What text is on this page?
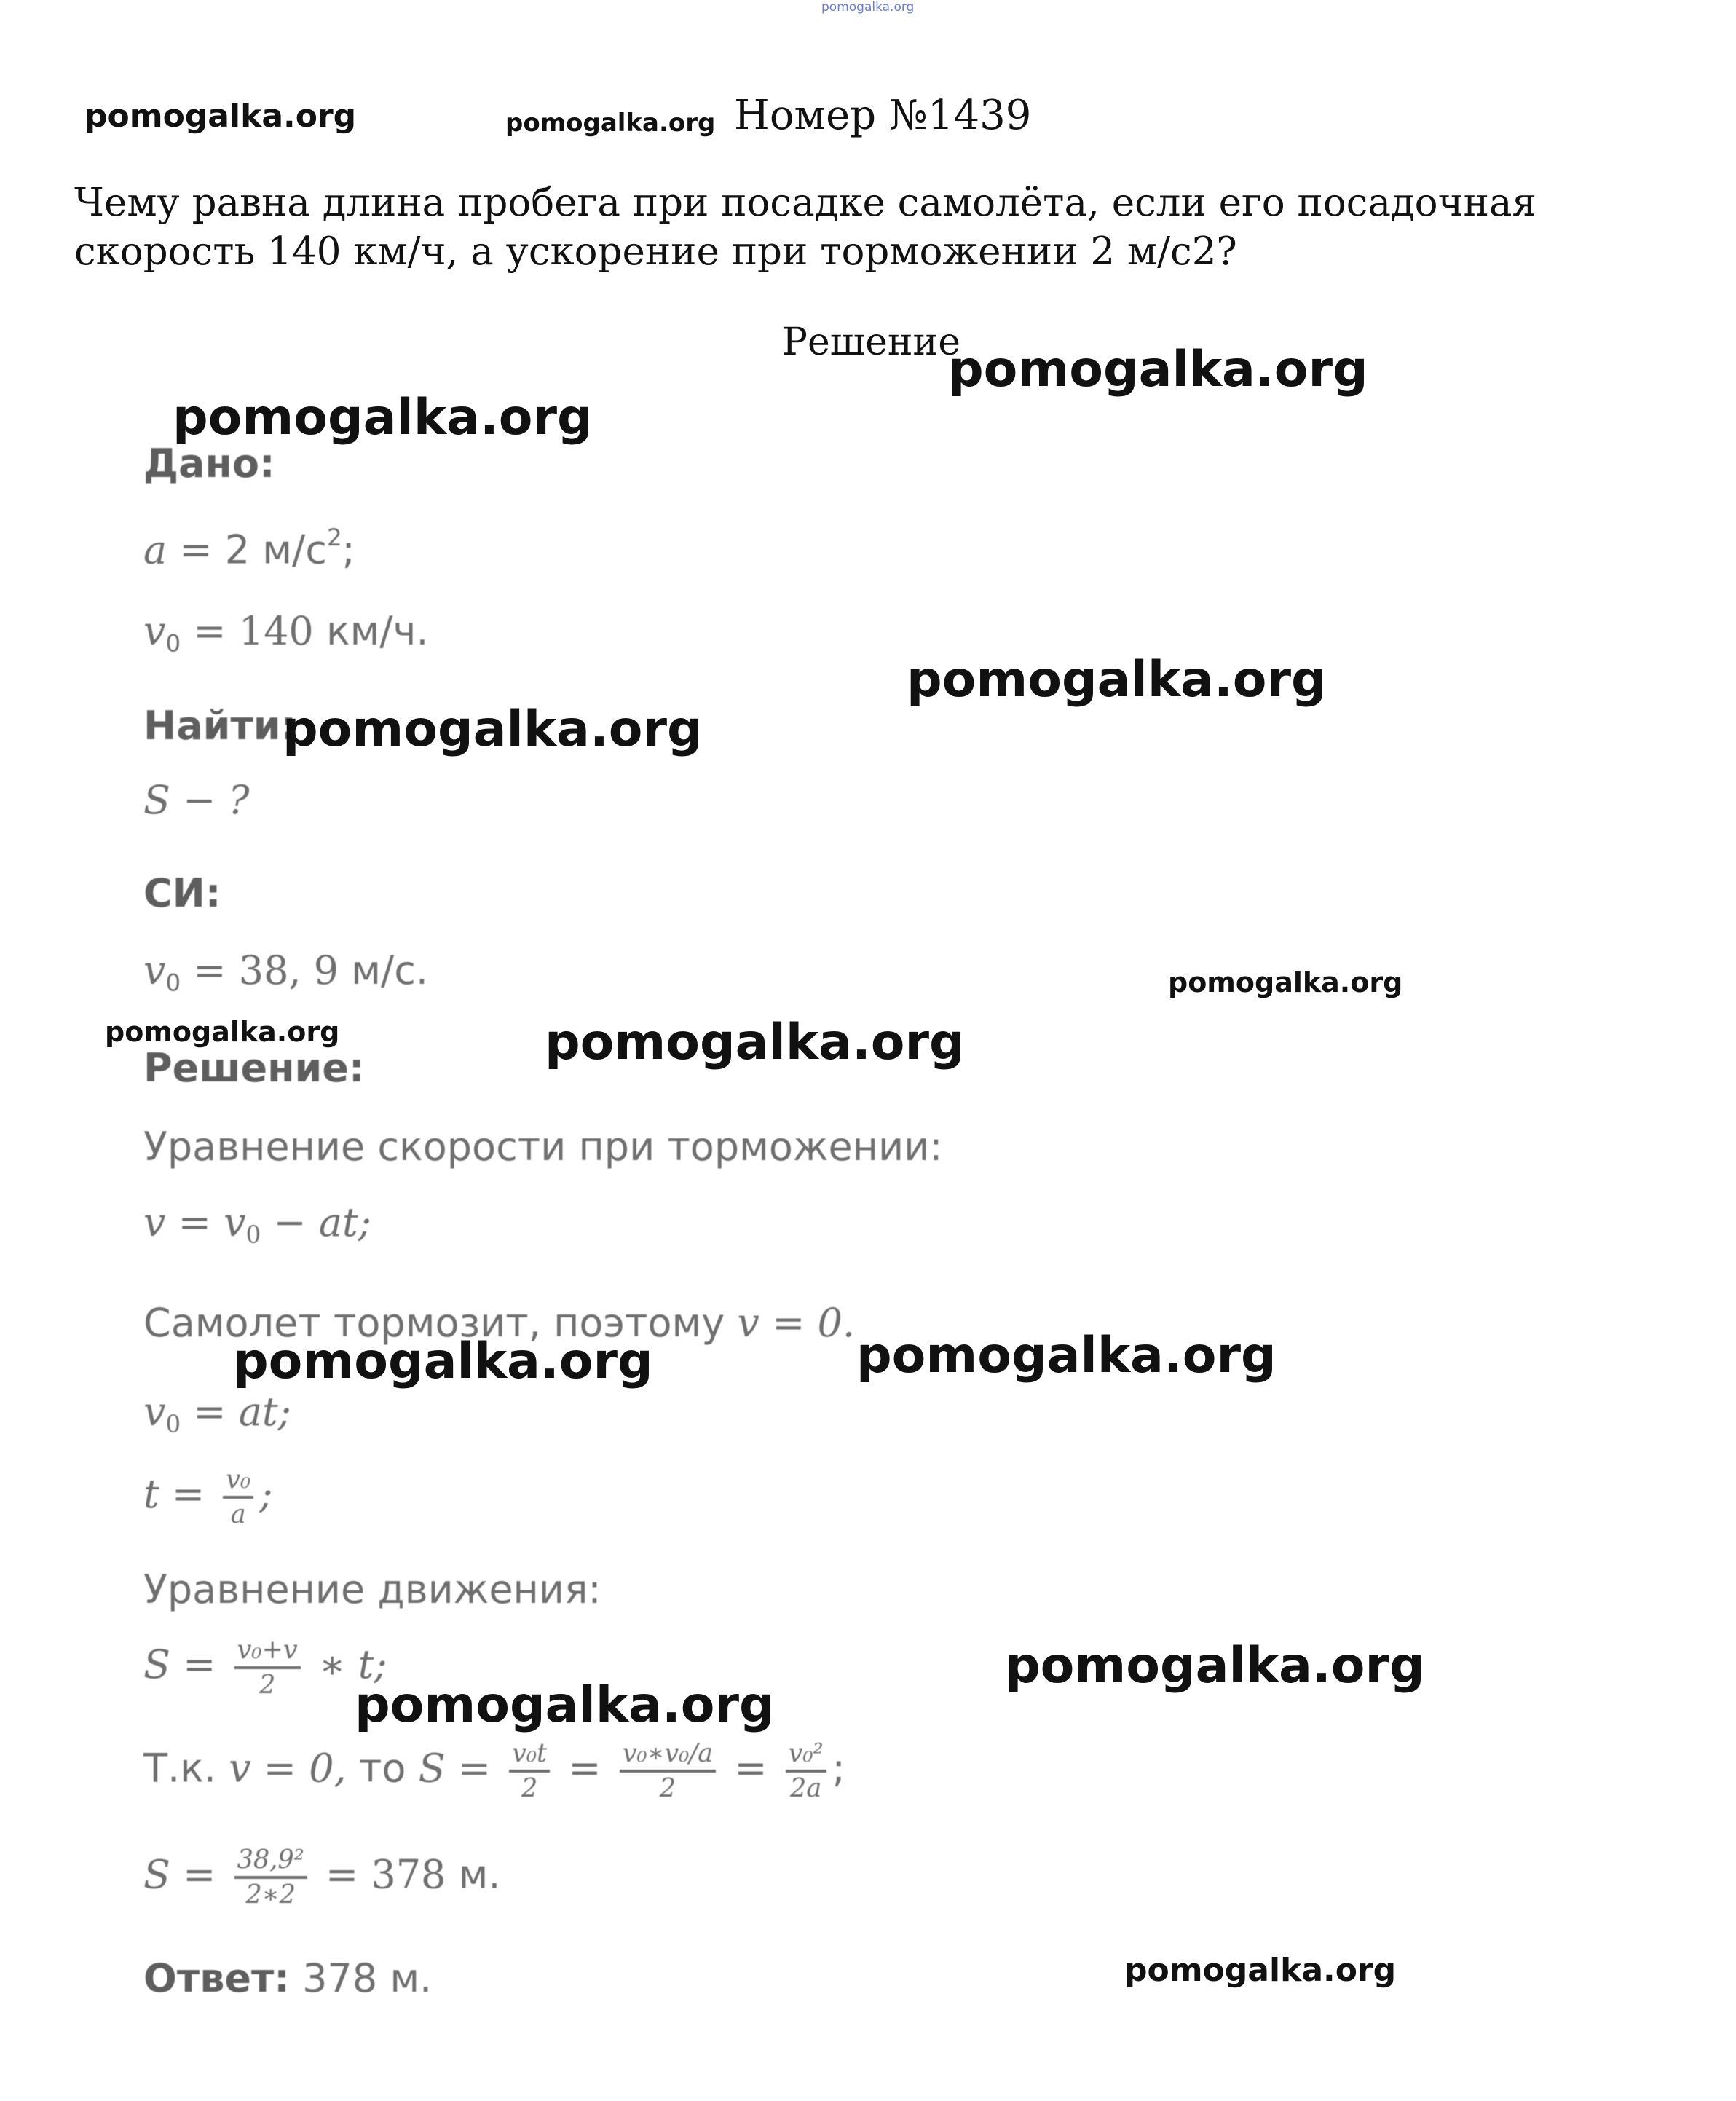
pomogalka.org
pomogalka.org	pomogalka.org Номер №1439
Чему равна длина пробега при посадке самолёта, если его посадочная
скорость 140 км/ч, а ускорение при торможении 2 м/с2?
Решение
Дано:
a = 2 $м/с^2$;
$v_0 = 140$ км/ч.
Найти:
S − ?
СИ:
$v_0 = 38$, 9 м/с.
Решение:
Уравнение скорости при торможении:
$v = v_0$ − at;
Самолет тормозит, поэтому v = 0.
$v_0$ = at;
$t = \frac{\text{v₀}}{a}$ ;
Уравнение движения:
$S = \frac{\text{v₀+v}}{2}$ ∗ t;
Т.к. v = 0, то $S = \frac{\text{v₀t}}{2} = \frac{\text{v₀∗v₀/a}}{2} = \frac{\text{v₀²}}{2a}$ ;
$S = \frac{\text{38,9²}}{2∗2} = 378$ м.
Ответ: 378 м.
pomogalka.org
pomogalka.org
pomogalka.org
pomogalka.org
pomogalka.org
pomogalka.org	pomogalka.org
pomogalka.org
pomogalka.org
pomogalka.org
pomogalka.org
pomogalka.org
